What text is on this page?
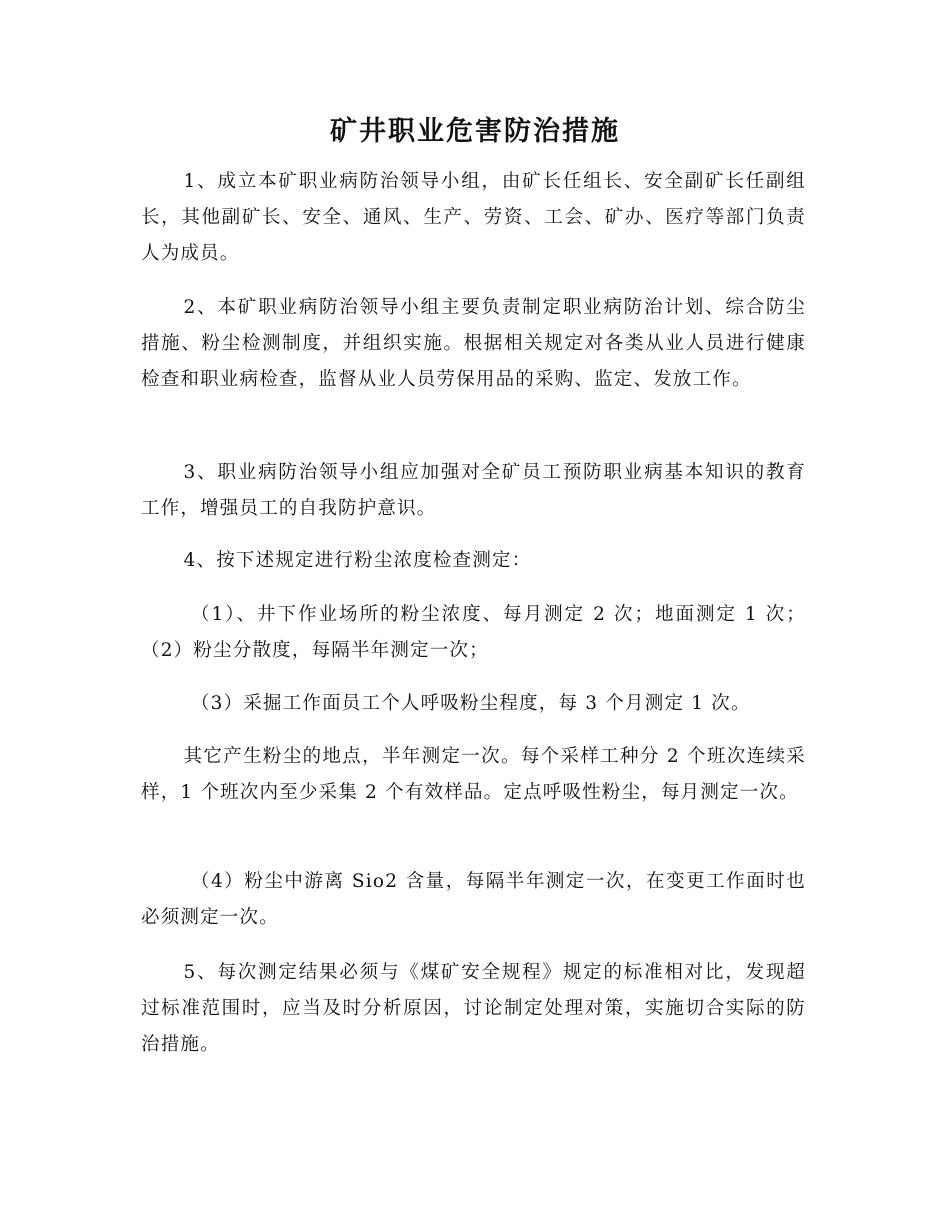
矿井职业危害防治措施

1、成立本矿职业病防治领导小组，由矿长任组长、安全副矿长任副组长，其他副矿长、安全、通风、生产、劳资、工会、矿办、医疗等部门负责人为成员。

2、本矿职业病防治领导小组主要负责制定职业病防治计划、综合防尘措施、粉尘检测制度，并组织实施。根据相关规定对各类从业人员进行健康检查和职业病检查，监督从业人员劳保用品的采购、监定、发放工作。

3、职业病防治领导小组应加强对全矿员工预防职业病基本知识的教育工作，增强员工的自我防护意识。

4、按下述规定进行粉尘浓度检查测定：

（1）、井下作业场所的粉尘浓度、每月测定 2 次；地面测定 1 次；（2）粉尘分散度，每隔半年测定一次；

（3）采掘工作面员工个人呼吸粉尘程度，每 3 个月测定 1 次。

其它产生粉尘的地点，半年测定一次。每个采样工种分 2 个班次连续采样，1 个班次内至少采集 2 个有效样品。定点呼吸性粉尘，每月测定一次。

（4）粉尘中游离 Sio2 含量，每隔半年测定一次，在变更工作面时也必须测定一次。

5、每次测定结果必须与《煤矿安全规程》规定的标准相对比，发现超过标准范围时，应当及时分析原因，讨论制定处理对策，实施切合实际的防治措施。
